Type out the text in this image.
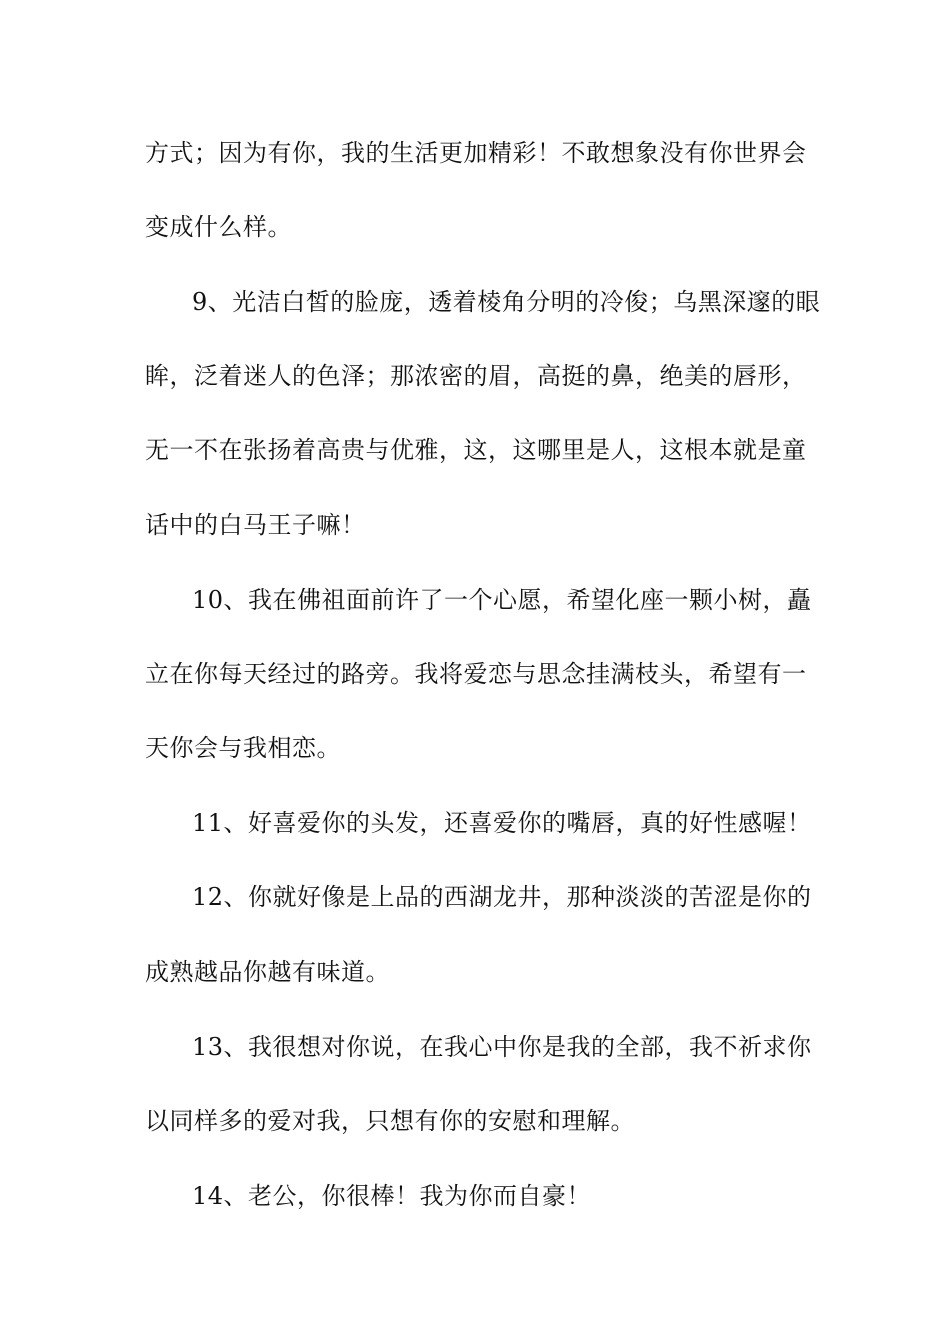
方式；因为有你，我的生活更加精彩！不敢想象没有你世界会
变成什么样。
9、光洁白皙的脸庞，透着棱角分明的冷俊；乌黑深邃的眼
眸，泛着迷人的色泽；那浓密的眉，高挺的鼻，绝美的唇形，
无一不在张扬着高贵与优雅，这，这哪里是人，这根本就是童
话中的白马王子嘛！
10、我在佛祖面前许了一个心愿，希望化座一颗小树，矗
立在你每天经过的路旁。我将爱恋与思念挂满枝头，希望有一
天你会与我相恋。
11、好喜爱你的头发，还喜爱你的嘴唇，真的好性感喔！
12、你就好像是上品的西湖龙井，那种淡淡的苦涩是你的
成熟越品你越有味道。
13、我很想对你说，在我心中你是我的全部，我不祈求你
以同样多的爱对我，只想有你的安慰和理解。
14、老公，你很棒！我为你而自豪！
